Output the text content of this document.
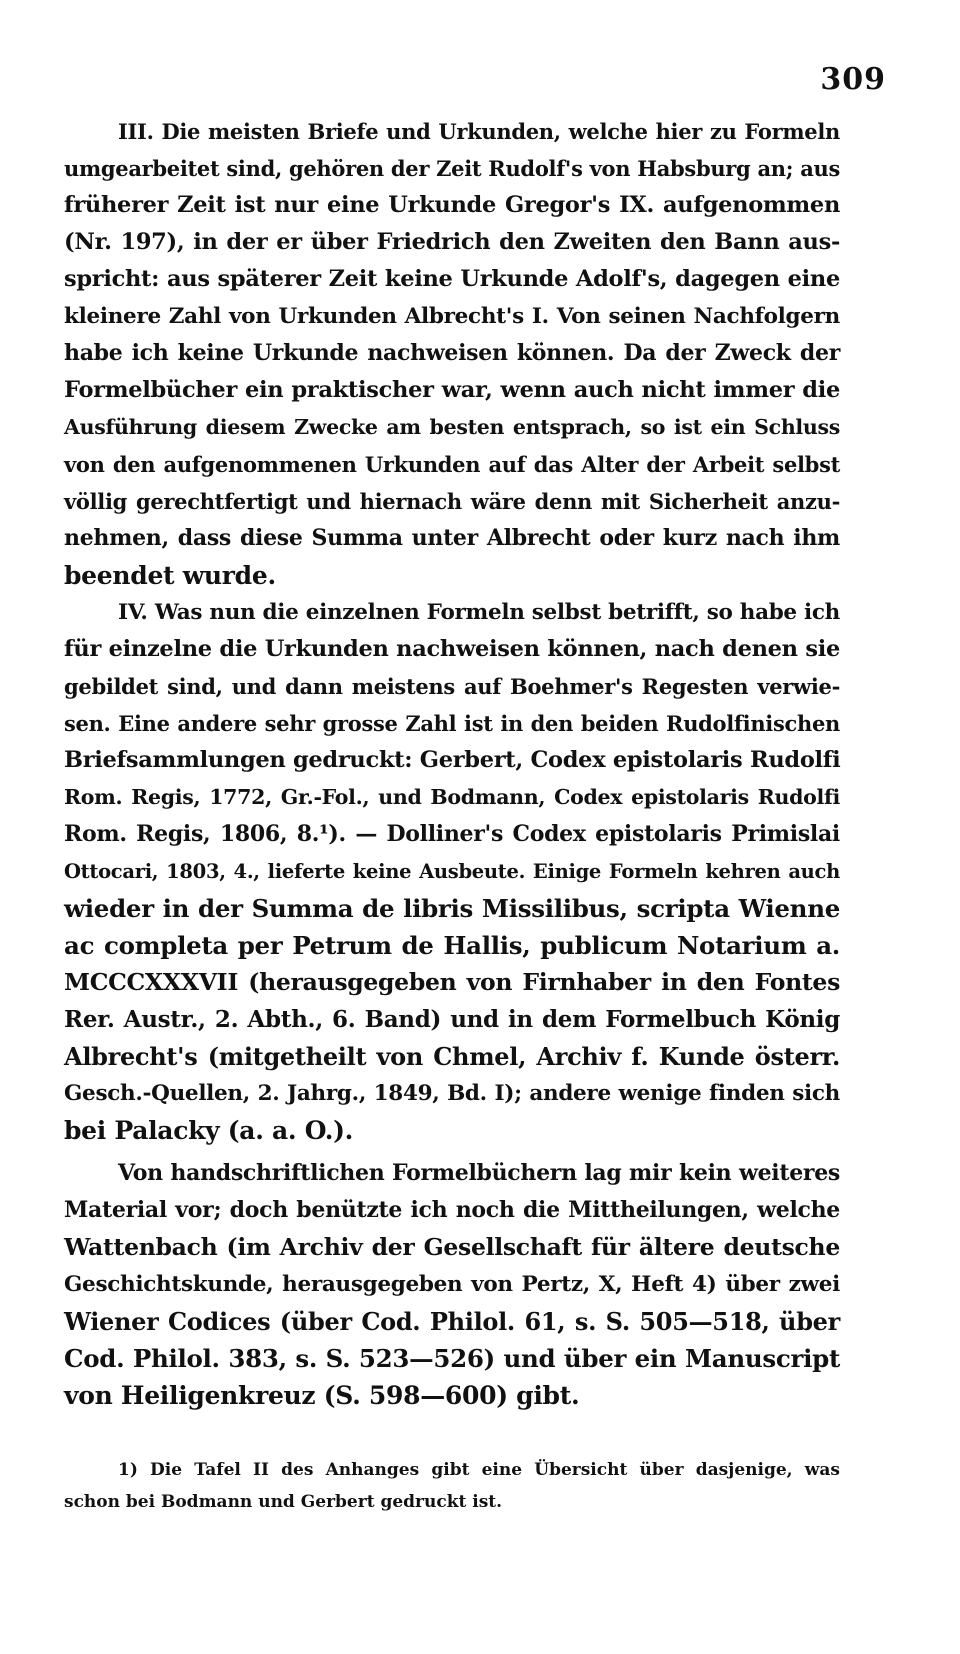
309
III. Die meisten Briefe und Urkunden, welche hier zu Formeln
umgearbeitet sind, gehören der Zeit Rudolf's von Habsburg an; aus
früherer Zeit ist nur eine Urkunde Gregor's IX. aufgenommen
(Nr. 197), in der er über Friedrich den Zweiten den Bann aus-
spricht: aus späterer Zeit keine Urkunde Adolf's, dagegen eine
kleinere Zahl von Urkunden Albrecht's I. Von seinen Nachfolgern
habe ich keine Urkunde nachweisen können. Da der Zweck der
Formelbücher ein praktischer war, wenn auch nicht immer die
Ausführung diesem Zwecke am besten entsprach, so ist ein Schluss
von den aufgenommenen Urkunden auf das Alter der Arbeit selbst
völlig gerechtfertigt und hiernach wäre denn mit Sicherheit anzu-
nehmen, dass diese Summa unter Albrecht oder kurz nach ihm
beendet wurde.
IV. Was nun die einzelnen Formeln selbst betrifft, so habe ich
für einzelne die Urkunden nachweisen können, nach denen sie
gebildet sind, und dann meistens auf Boehmer's Regesten verwie-
sen. Eine andere sehr grosse Zahl ist in den beiden Rudolfinischen
Briefsammlungen gedruckt: Gerbert, Codex epistolaris Rudolfi
Rom. Regis, 1772, Gr.-Fol., und Bodmann, Codex epistolaris Rudolfi
Rom. Regis, 1806, 8.¹). — Dolliner's Codex epistolaris Primislai
Ottocari, 1803, 4., lieferte keine Ausbeute. Einige Formeln kehren auch
wieder in der Summa de libris Missilibus, scripta Wienne
ac completa per Petrum de Hallis, publicum Notarium a.
MCCCXXXVII (herausgegeben von Firnhaber in den Fontes
Rer. Austr., 2. Abth., 6. Band) und in dem Formelbuch König
Albrecht's (mitgetheilt von Chmel, Archiv f. Kunde österr.
Gesch.-Quellen, 2. Jahrg., 1849, Bd. I); andere wenige finden sich
bei Palacky (a. a. O.).
Von handschriftlichen Formelbüchern lag mir kein weiteres
Material vor; doch benützte ich noch die Mittheilungen, welche
Wattenbach (im Archiv der Gesellschaft für ältere deutsche
Geschichtskunde, herausgegeben von Pertz, X, Heft 4) über zwei
Wiener Codices (über Cod. Philol. 61, s. S. 505—518, über
Cod. Philol. 383, s. S. 523—526) und über ein Manuscript
von Heiligenkreuz (S. 598—600) gibt.
1) Die Tafel II des Anhanges gibt eine Übersicht über dasjenige, was
schon bei Bodmann und Gerbert gedruckt ist.
